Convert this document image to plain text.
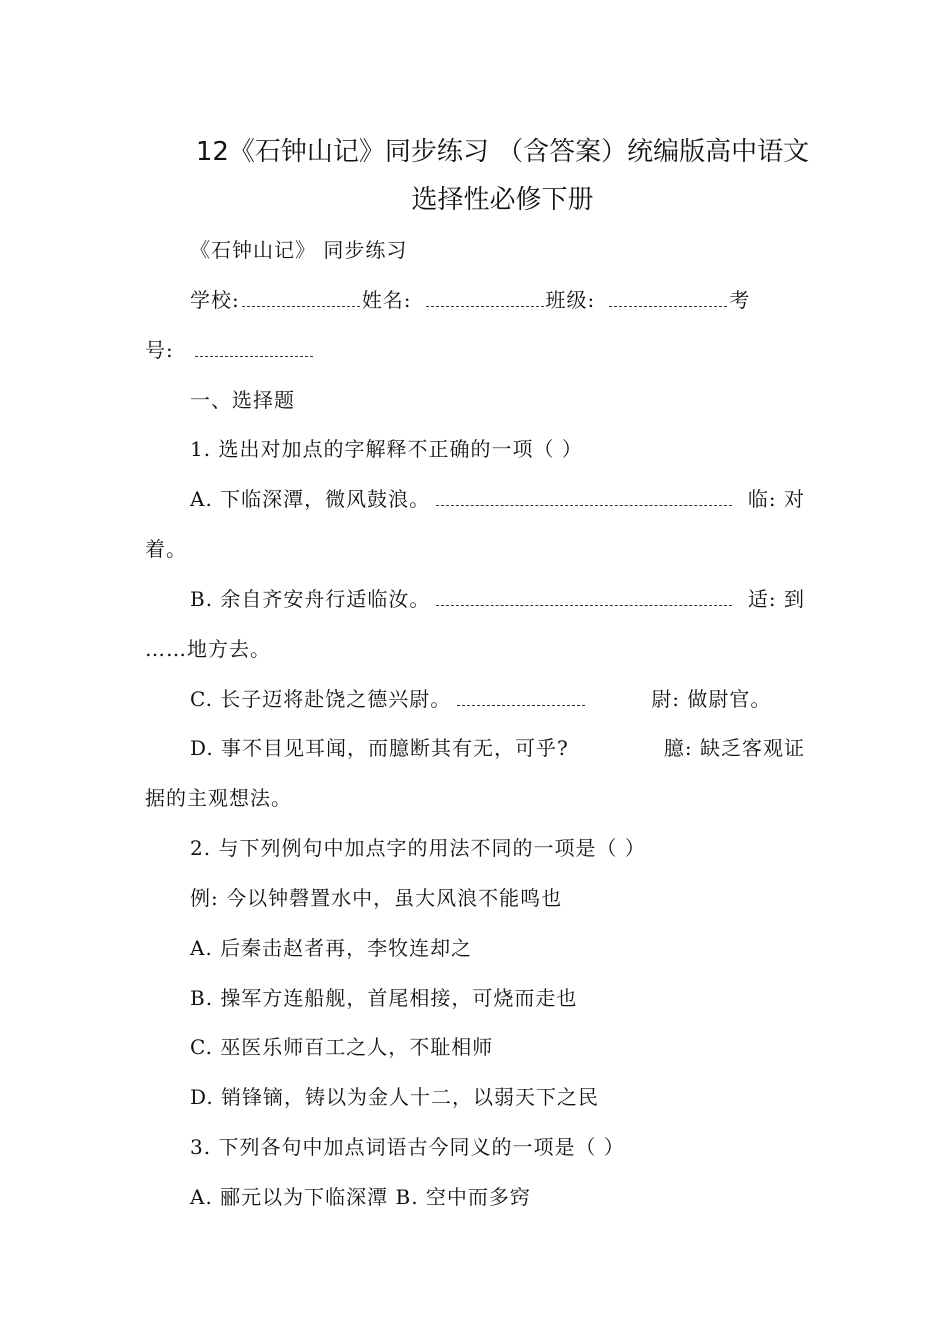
12《石钟山记》同步练习 （含答案）统编版高中语文
选择性必修下册
《石钟山记》 同步练习
学校:	姓名:	班级:	考
号:
一、选择题
1. 选出对加点的字解释不正确的一项（ ）
A. 下临深潭，微风鼓浪。	临: 对
着。
B. 余自齐安舟行适临汝。	适: 到
……地方去。
C. 长子迈将赴饶之德兴尉。	尉: 做尉官。
D. 事不目见耳闻，而臆断其有无，可乎?	臆: 缺乏客观证
据的主观想法。
2. 与下列例句中加点字的用法不同的一项是（ ）
例: 今以钟磬置水中，虽大风浪不能鸣也
A. 后秦击赵者再，李牧连却之
B. 操军方连船舰，首尾相接，可烧而走也
C. 巫医乐师百工之人，不耻相师
D. 销锋镝，铸以为金人十二，以弱天下之民
3. 下列各句中加点词语古今同义的一项是（ ）
A. 郦元以为下临深潭 B. 空中而多窍
